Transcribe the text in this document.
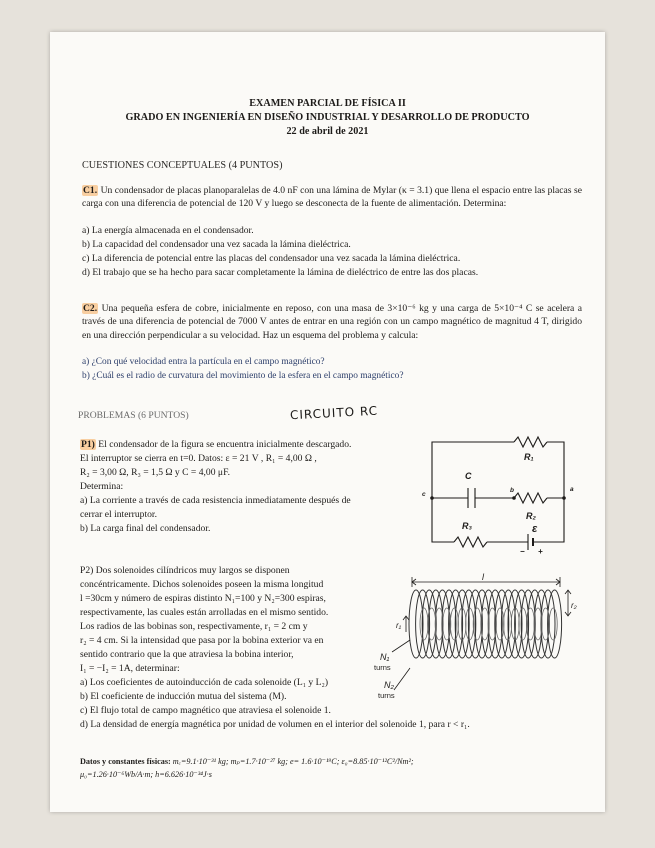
EXAMEN PARCIAL DE FÍSICA II
GRADO EN INGENIERÍA EN DISEÑO INDUSTRIAL Y DESARROLLO DE PRODUCTO
22 de abril de 2021
CUESTIONES CONCEPTUALES (4 PUNTOS)
C1. Un condensador de placas planoparalelas de 4.0 nF con una lámina de Mylar (κ = 3.1) que llena el espacio entre las placas se carga con una diferencia de potencial de 120 V y luego se desconecta de la fuente de alimentación. Determina:
a) La energía almacenada en el condensador.
b) La capacidad del condensador una vez sacada la lámina dieléctrica.
c) La diferencia de potencial entre las placas del condensador una vez sacada la lámina dieléctrica.
d) El trabajo que se ha hecho para sacar completamente la lámina de dieléctrico de entre las dos placas.
C2. Una pequeña esfera de cobre, inicialmente en reposo, con una masa de 3×10⁻⁶ kg y una carga de 5×10⁻⁴ C se acelera a través de una diferencia de potencial de 7000 V antes de entrar en una región con un campo magnético de magnitud 4 T, dirigido en una dirección perpendicular a su velocidad. Haz un esquema del problema y calcula:
a) ¿Con qué velocidad entra la partícula en el campo magnético?
b) ¿Cuál es el radio de curvatura del movimiento de la esfera en el campo magnético?
PROBLEMAS (6 PUNTOS)	CIRCUITO RC
P1) El condensador de la figura se encuentra inicialmente descargado.
El interruptor se cierra en t=0. Datos: ε = 21 V , R₁ = 4,00 Ω ,
R₂ = 3,00 Ω, R₃ = 1,5 Ω y C = 4,00 μF.
Determina:
a) La corriente a través de cada resistencia inmediatamente después de
cerrar el interruptor.
b) La carga final del condensador.
R₁
C
b	a
c
R₂
R₃	ε
− +
P2) Dos solenoides cilíndricos muy largos se disponen
concéntricamente. Dichos solenoides poseen la misma longitud
l =30cm y número de espiras distinto N₁=100 y N₂=300 espiras,
respectivamente, las cuales están arrolladas en el mismo sentido.
Los radios de las bobinas son, respectivamente, r₁ = 2 cm y
r₂ = 4 cm. Si la intensidad que pasa por la bobina exterior va en
sentido contrario que la que atraviesa la bobina interior,
I₁ = −I₂ = 1A, determinar:
a) Los coeficientes de autoinducción de cada solenoide (L₁ y L₂)
b) El coeficiente de inducción mutua del sistema (M).
c) El flujo total de campo magnético que atraviesa el solenoide 1.
d) La densidad de energía magnética por unidad de volumen en el interior del solenoide 1, para r < r₁.
l
r₂
r₁
N₁
turns
N₂
turns
Datos y constantes físicas: mₑ=9.1·10⁻³¹ kg; mₚ=1.7·10⁻²⁷ kg; e= 1.6·10⁻¹⁹C; ε₀=8.85·10⁻¹²C²/Nm²;
μ₀=1.26·10⁻⁶Wb/A·m; h=6.626·10⁻³⁴J·s
